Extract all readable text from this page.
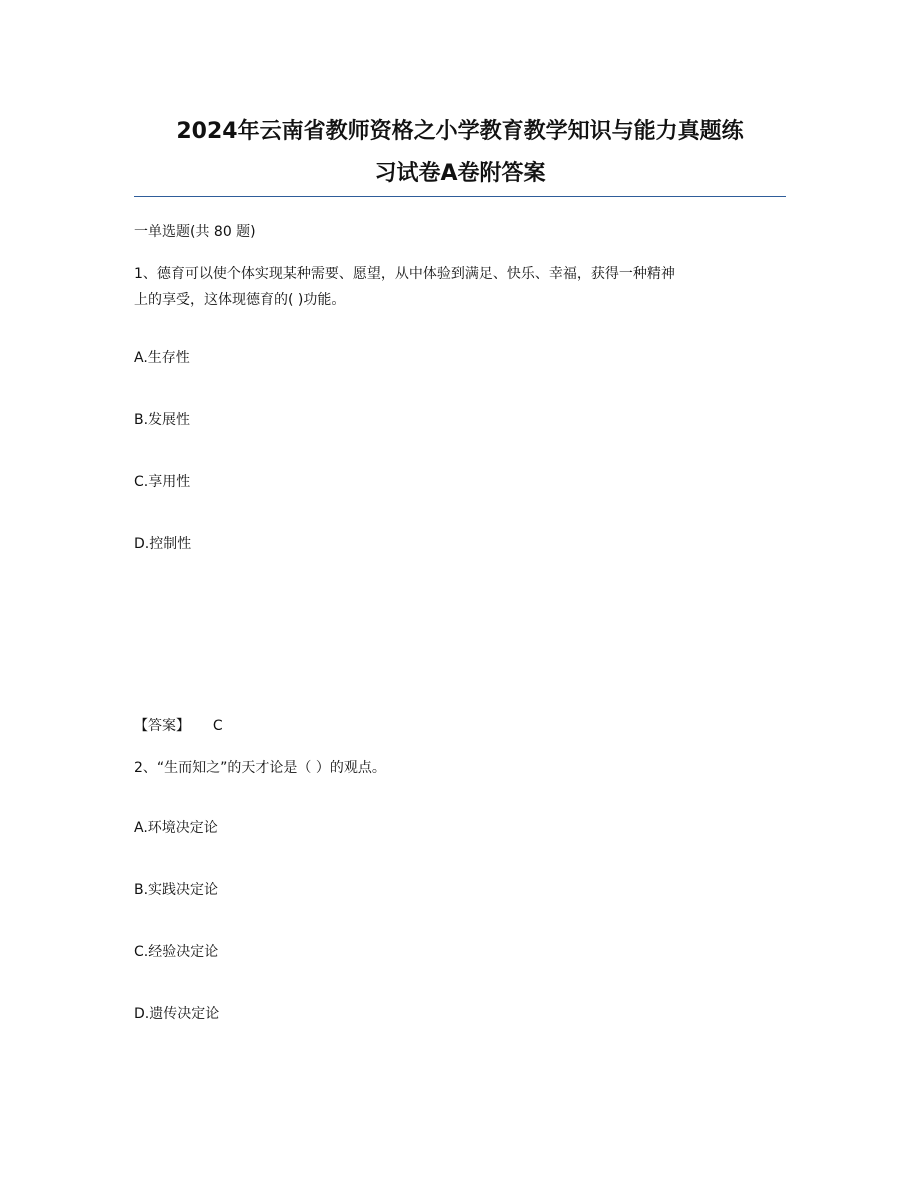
2024年云南省教师资格之小学教育教学知识与能力真题练
习试卷A卷附答案
一单选题(共 80 题)
1、德育可以使个体实现某种需要、愿望，从中体验到满足、快乐、幸福，获得一种精神
上的享受，这体现德育的( )功能。
A.生存性
B.发展性
C.享用性
D.控制性
【答案】 C
2、“生而知之”的天才论是（ ）的观点。
A.环境决定论
B.实践决定论
C.经验决定论
D.遗传决定论
